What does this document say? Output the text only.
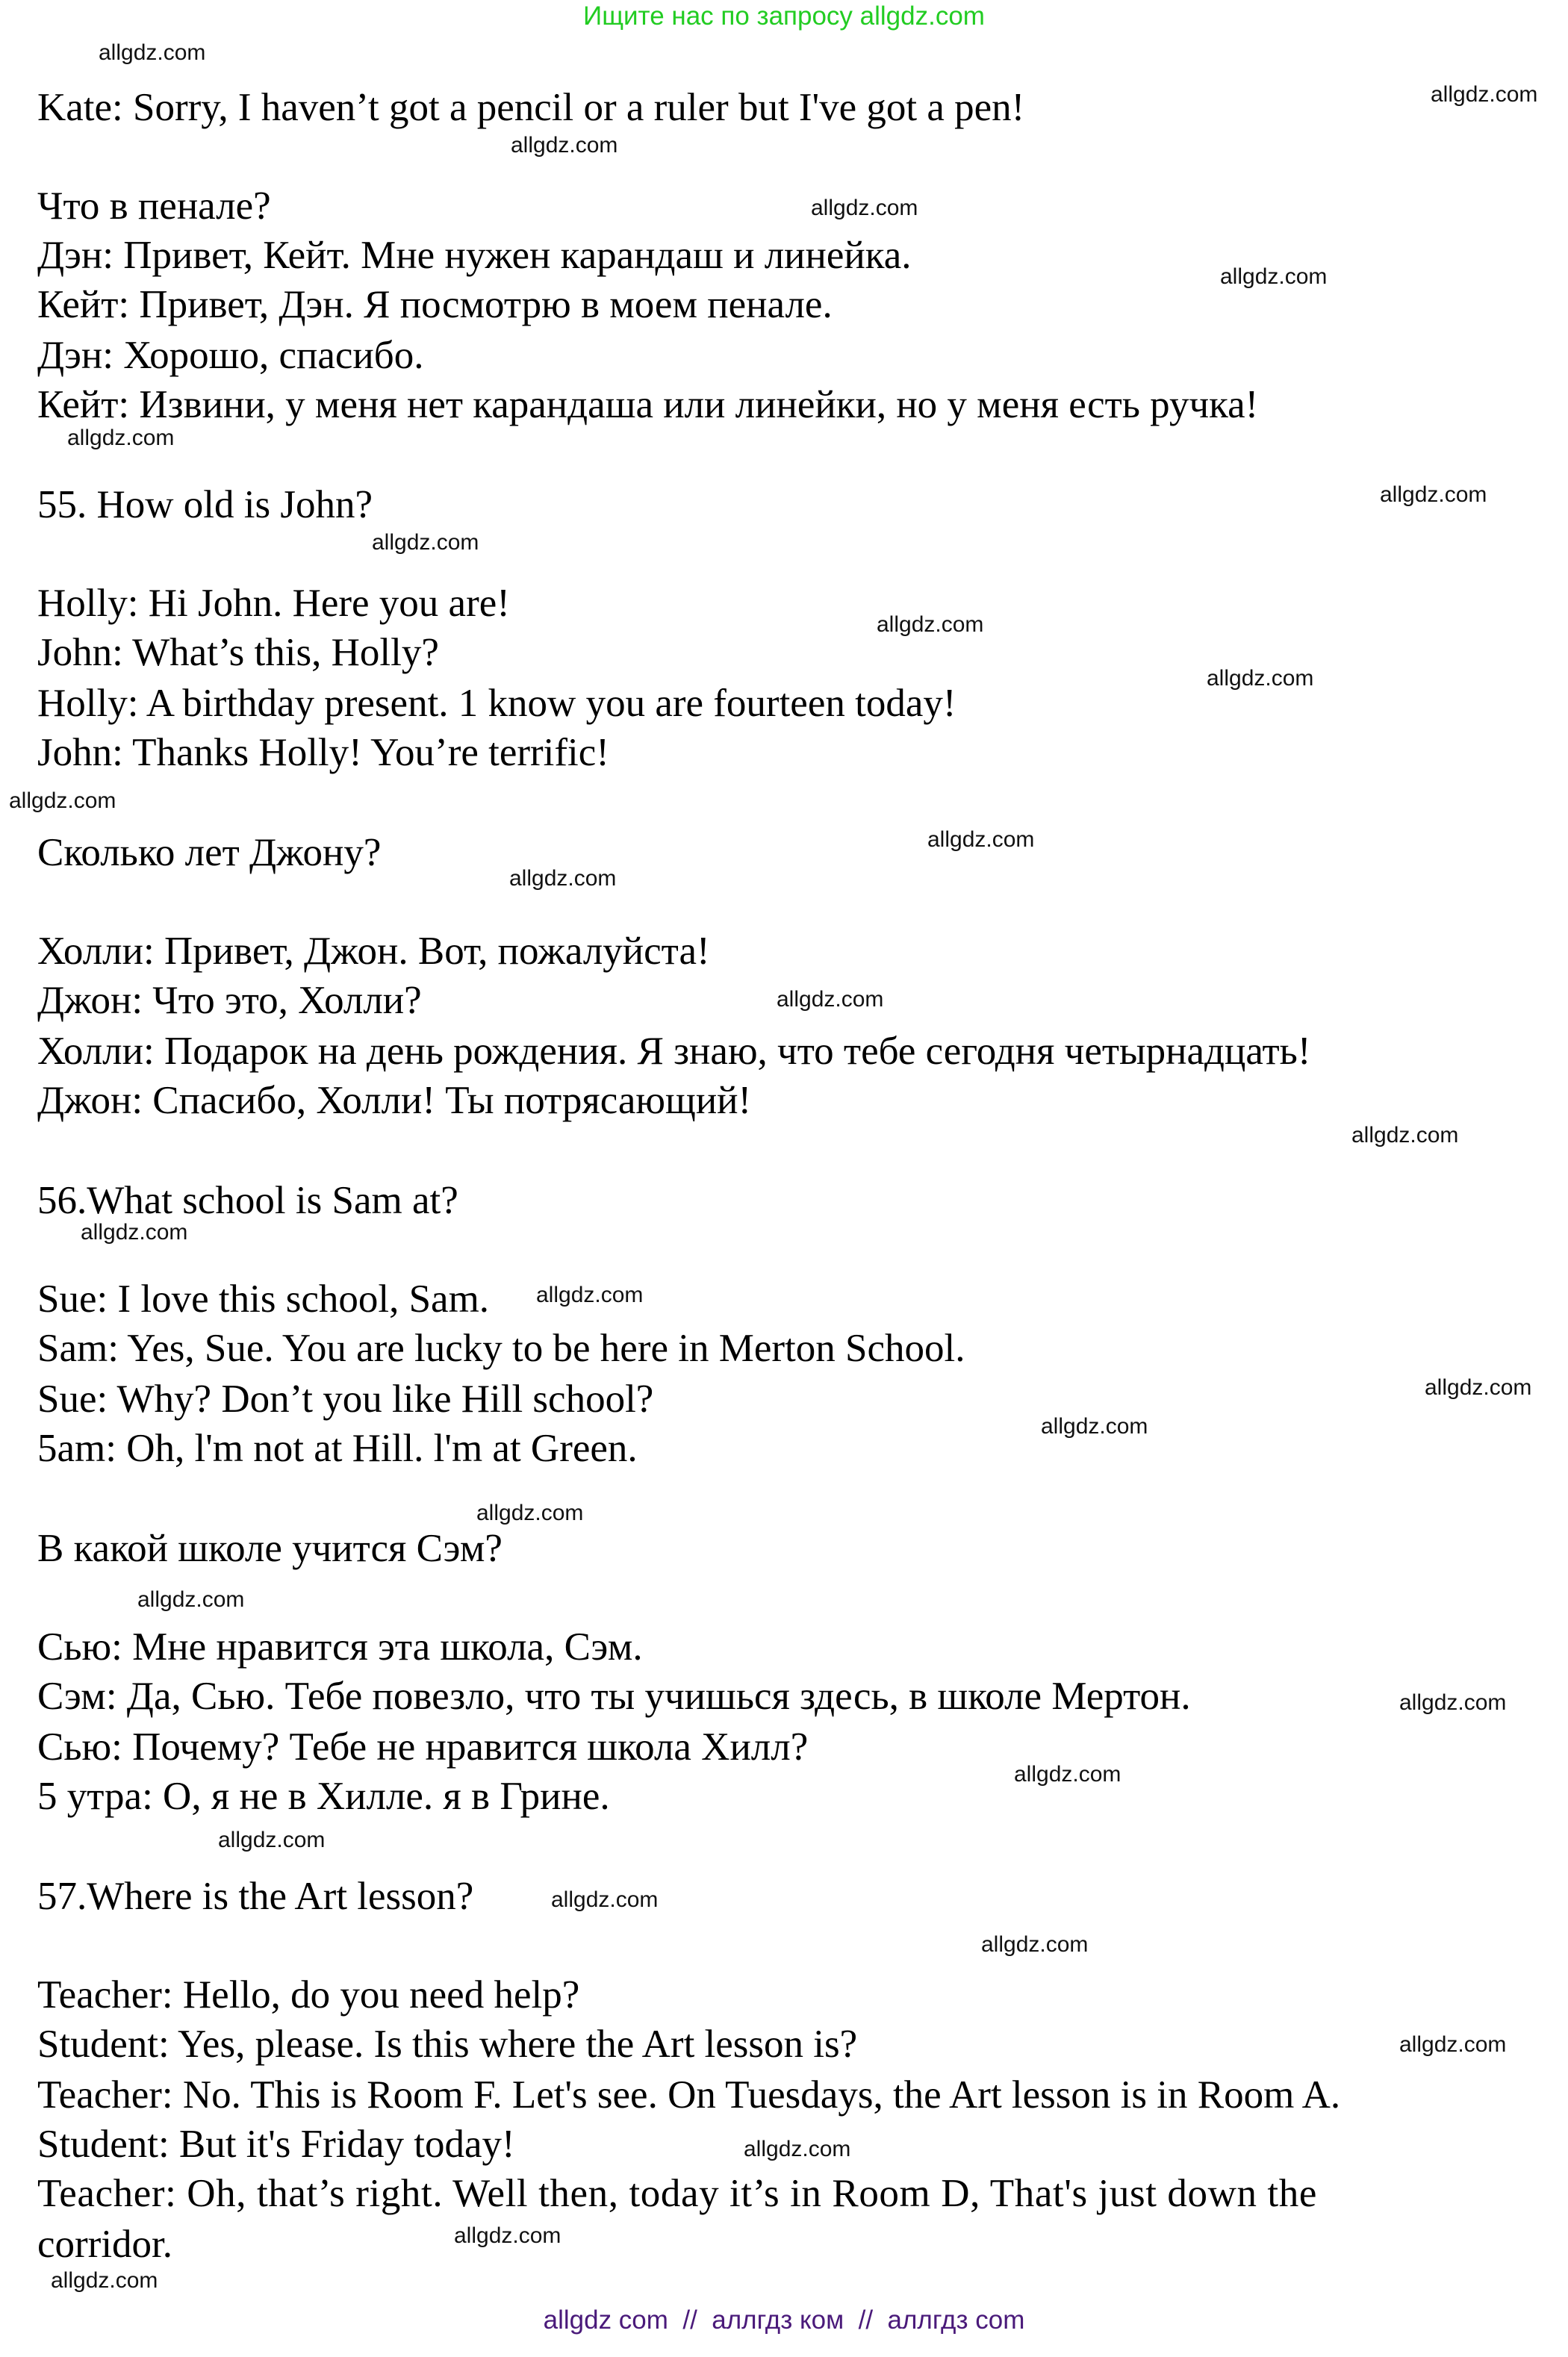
Ищите нас по запросу allgdz.com
Kate: Sorry, I haven’t got a pencil or a ruler but I've got a pen!
Что в пенале?
Дэн: Привет, Кейт. Мне нужен карандаш и линейка.
Кейт: Привет, Дэн. Я посмотрю в моем пенале.
Дэн: Хорошо, спасибо.
Кейт: Извини, у меня нет карандаша или линейки, но у меня есть ручка!
55. How old is John?
Holly: Hi John. Here you are!
John: What’s this, Holly?
Holly: A birthday present. 1 know you are fourteen today!
John: Thanks Holly! You’re terrific!
Сколько лет Джону?
Холли: Привет, Джон. Вот, пожалуйста!
Джон: Что это, Холли?
Холли: Подарок на день рождения. Я знаю, что тебе сегодня четырнадцать!
Джон: Спасибо, Холли! Ты потрясающий!
56.What school is Sam at?
Sue: I love this school, Sam.
Sam: Yes, Sue. You are lucky to be here in Merton School.
Sue: Why? Don’t you like Hill school?
5am: Oh, l'm not at Hill. l'm at Green.
В какой школе учится Сэм?
Сью: Мне нравится эта школа, Сэм.
Сэм: Да, Сью. Тебе повезло, что ты учишься здесь, в школе Мертон.
Сью: Почему? Тебе не нравится школа Хилл?
5 утра: О, я не в Хилле. я в Грине.
57.Where is the Art lesson?
Teacher: Hello, do you need help?
Student: Yes, please. Is this where the Art lesson is?
Teacher: No. This is Room F. Let's see. On Tuesdays, the Art lesson is in Room A.
Student: But it's Friday today!
Teacher: Oh, that’s right. Well then, today it’s in Room D, That's just down the
corridor.
allgdz.com
allgdz.com
allgdz.com
allgdz.com
allgdz.com
allgdz.com
allgdz.com
allgdz.com
allgdz.com
allgdz.com
allgdz.com
allgdz.com
allgdz.com
allgdz.com
allgdz.com
allgdz.com
allgdz.com
allgdz.com
allgdz.com
allgdz.com
allgdz.com
allgdz.com
allgdz.com
allgdz.com
allgdz.com
allgdz.com
allgdz.com
allgdz.com
allgdz.com
allgdz.com
allgdz com  //  аллгдз ком  //  аллгдз com
